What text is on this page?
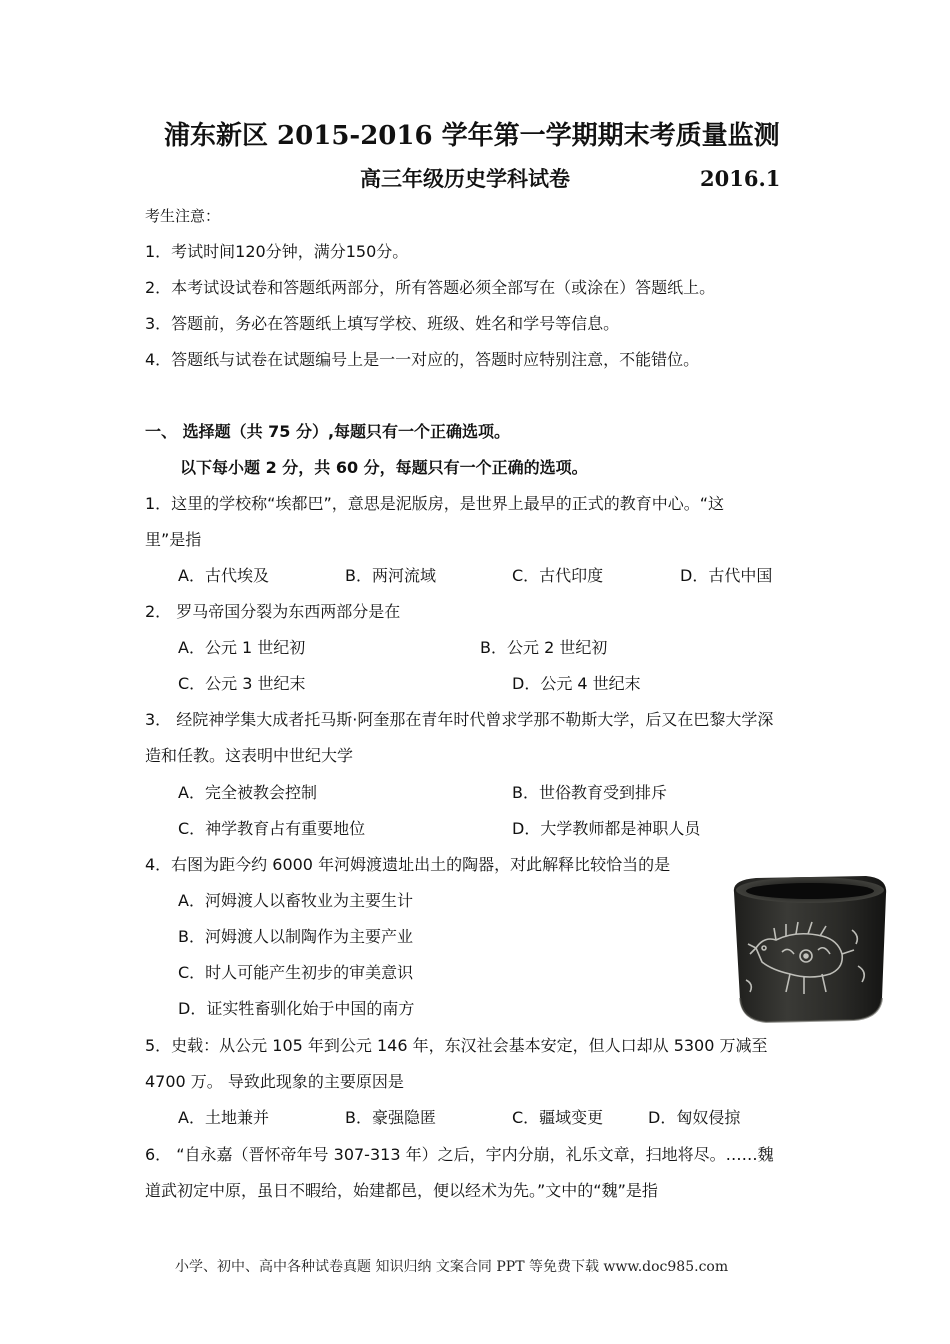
浦东新区 2015-2016 学年第一学期期末考质量监测
高三年级历史学科试卷	2016.1
考生注意：
1．考试时间120分钟，满分150分。
2．本考试设试卷和答题纸两部分，所有答题必须全部写在（或涂在）答题纸上。
3．答题前，务必在答题纸上填写学校、班级、姓名和学号等信息。
4．答题纸与试卷在试题编号上是一一对应的，答题时应特别注意，不能错位。
一、 选择题（共 75 分）,每题只有一个正确选项。
以下每小题 2 分，共 60 分，每题只有一个正确的选项。
1．这里的学校称“埃都巴”，意思是泥版房，是世界上最早的正式的教育中心。“这
里”是指
A．古代埃及	B．两河流域	C．古代印度	D．古代中国
2． 罗马帝国分裂为东西两部分是在
A．公元 1 世纪初	B．公元 2 世纪初
C．公元 3 世纪末	D．公元 4 世纪末
3． 经院神学集大成者托马斯·阿奎那在青年时代曾求学那不勒斯大学，后又在巴黎大学深
造和任教。这表明中世纪大学
A．完全被教会控制	B．世俗教育受到排斥
C．神学教育占有重要地位	D．大学教师都是神职人员
4．右图为距今约 6000 年河姆渡遗址出土的陶器，对此解释比较恰当的是
A．河姆渡人以畜牧业为主要生计
B．河姆渡人以制陶作为主要产业
C．时人可能产生初步的审美意识
D．证实牲畜驯化始于中国的南方
5．史载：从公元 105 年到公元 146 年，东汉社会基本安定，但人口却从 5300 万减至
4700 万。 导致此现象的主要原因是
A．土地兼并	B．豪强隐匿	C．疆域变更	D．匈奴侵掠
6． “自永嘉（晋怀帝年号 307-313 年）之后，宇内分崩，礼乐文章，扫地将尽。……魏
道武初定中原，虽日不暇给，始建都邑，便以经术为先。”文中的“魏”是指
小学、初中、高中各种试卷真题 知识归纳 文案合同 PPT 等免费下载 www.doc985.com
